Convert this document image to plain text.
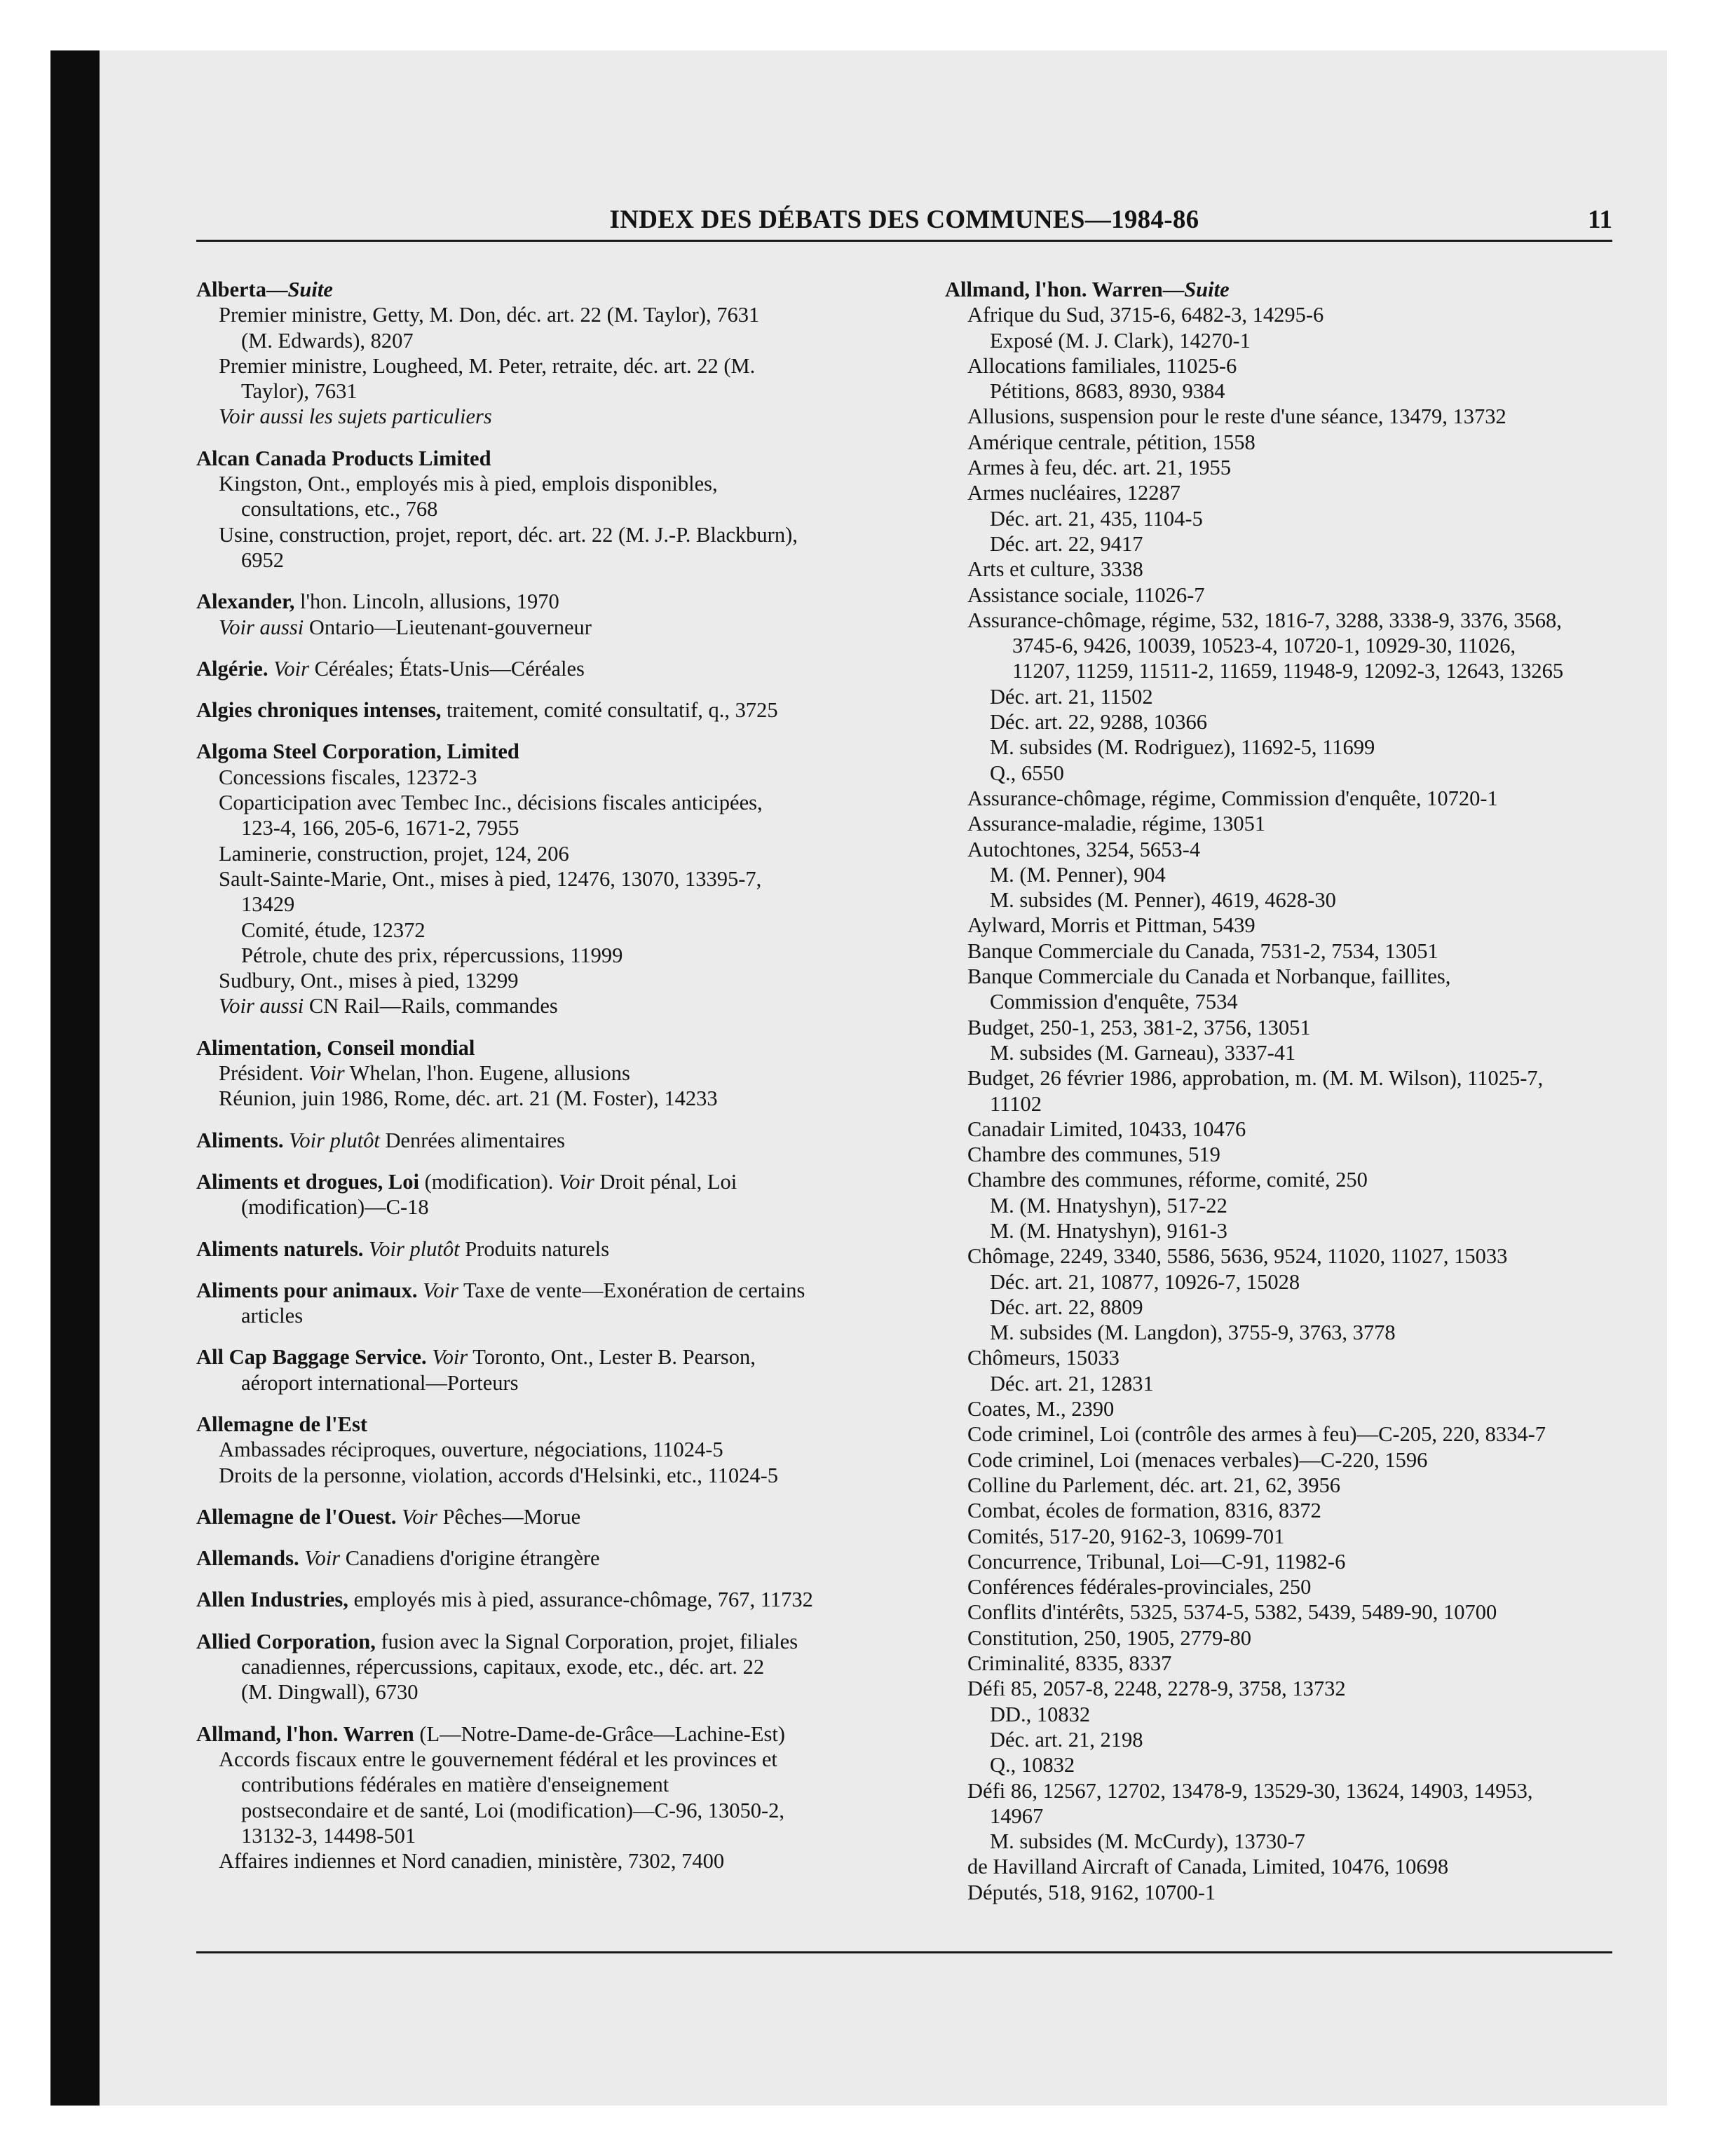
INDEX DES DÉBATS DES COMMUNES—1984-86	11
Alberta—Suite
Premier ministre, Getty, M. Don, déc. art. 22 (M. Taylor), 7631
(M. Edwards), 8207
Premier ministre, Lougheed, M. Peter, retraite, déc. art. 22 (M.
Taylor), 7631
Voir aussi les sujets particuliers
Alcan Canada Products Limited
Kingston, Ont., employés mis à pied, emplois disponibles,
consultations, etc., 768
Usine, construction, projet, report, déc. art. 22 (M. J.-P. Blackburn),
6952
Alexander, l'hon. Lincoln, allusions, 1970
Voir aussi Ontario—Lieutenant-gouverneur
Algérie. Voir Céréales; États-Unis—Céréales
Algies chroniques intenses, traitement, comité consultatif, q., 3725
Algoma Steel Corporation, Limited
Concessions fiscales, 12372-3
Coparticipation avec Tembec Inc., décisions fiscales anticipées,
123-4, 166, 205-6, 1671-2, 7955
Laminerie, construction, projet, 124, 206
Sault-Sainte-Marie, Ont., mises à pied, 12476, 13070, 13395-7,
13429
Comité, étude, 12372
Pétrole, chute des prix, répercussions, 11999
Sudbury, Ont., mises à pied, 13299
Voir aussi CN Rail—Rails, commandes
Alimentation, Conseil mondial
Président. Voir Whelan, l'hon. Eugene, allusions
Réunion, juin 1986, Rome, déc. art. 21 (M. Foster), 14233
Aliments. Voir plutôt Denrées alimentaires
Aliments et drogues, Loi (modification). Voir Droit pénal, Loi
(modification)—C-18
Aliments naturels. Voir plutôt Produits naturels
Aliments pour animaux. Voir Taxe de vente—Exonération de certains
articles
All Cap Baggage Service. Voir Toronto, Ont., Lester B. Pearson,
aéroport international—Porteurs
Allemagne de l'Est
Ambassades réciproques, ouverture, négociations, 11024-5
Droits de la personne, violation, accords d'Helsinki, etc., 11024-5
Allemagne de l'Ouest. Voir Pêches—Morue
Allemands. Voir Canadiens d'origine étrangère
Allen Industries, employés mis à pied, assurance-chômage, 767, 11732
Allied Corporation, fusion avec la Signal Corporation, projet, filiales
canadiennes, répercussions, capitaux, exode, etc., déc. art. 22
(M. Dingwall), 6730
Allmand, l'hon. Warren (L—Notre-Dame-de-Grâce—Lachine-Est)
Accords fiscaux entre le gouvernement fédéral et les provinces et
contributions fédérales en matière d'enseignement
postsecondaire et de santé, Loi (modification)—C-96, 13050-2,
13132-3, 14498-501
Affaires indiennes et Nord canadien, ministère, 7302, 7400
Allmand, l'hon. Warren—Suite
Afrique du Sud, 3715-6, 6482-3, 14295-6
Exposé (M. J. Clark), 14270-1
Allocations familiales, 11025-6
Pétitions, 8683, 8930, 9384
Allusions, suspension pour le reste d'une séance, 13479, 13732
Amérique centrale, pétition, 1558
Armes à feu, déc. art. 21, 1955
Armes nucléaires, 12287
Déc. art. 21, 435, 1104-5
Déc. art. 22, 9417
Arts et culture, 3338
Assistance sociale, 11026-7
Assurance-chômage, régime, 532, 1816-7, 3288, 3338-9, 3376, 3568,
3745-6, 9426, 10039, 10523-4, 10720-1, 10929-30, 11026,
11207, 11259, 11511-2, 11659, 11948-9, 12092-3, 12643, 13265
Déc. art. 21, 11502
Déc. art. 22, 9288, 10366
M. subsides (M. Rodriguez), 11692-5, 11699
Q., 6550
Assurance-chômage, régime, Commission d'enquête, 10720-1
Assurance-maladie, régime, 13051
Autochtones, 3254, 5653-4
M. (M. Penner), 904
M. subsides (M. Penner), 4619, 4628-30
Aylward, Morris et Pittman, 5439
Banque Commerciale du Canada, 7531-2, 7534, 13051
Banque Commerciale du Canada et Norbanque, faillites,
Commission d'enquête, 7534
Budget, 250-1, 253, 381-2, 3756, 13051
M. subsides (M. Garneau), 3337-41
Budget, 26 février 1986, approbation, m. (M. M. Wilson), 11025-7,
11102
Canadair Limited, 10433, 10476
Chambre des communes, 519
Chambre des communes, réforme, comité, 250
M. (M. Hnatyshyn), 517-22
M. (M. Hnatyshyn), 9161-3
Chômage, 2249, 3340, 5586, 5636, 9524, 11020, 11027, 15033
Déc. art. 21, 10877, 10926-7, 15028
Déc. art. 22, 8809
M. subsides (M. Langdon), 3755-9, 3763, 3778
Chômeurs, 15033
Déc. art. 21, 12831
Coates, M., 2390
Code criminel, Loi (contrôle des armes à feu)—C-205, 220, 8334-7
Code criminel, Loi (menaces verbales)—C-220, 1596
Colline du Parlement, déc. art. 21, 62, 3956
Combat, écoles de formation, 8316, 8372
Comités, 517-20, 9162-3, 10699-701
Concurrence, Tribunal, Loi—C-91, 11982-6
Conférences fédérales-provinciales, 250
Conflits d'intérêts, 5325, 5374-5, 5382, 5439, 5489-90, 10700
Constitution, 250, 1905, 2779-80
Criminalité, 8335, 8337
Défi 85, 2057-8, 2248, 2278-9, 3758, 13732
DD., 10832
Déc. art. 21, 2198
Q., 10832
Défi 86, 12567, 12702, 13478-9, 13529-30, 13624, 14903, 14953,
14967
M. subsides (M. McCurdy), 13730-7
de Havilland Aircraft of Canada, Limited, 10476, 10698
Députés, 518, 9162, 10700-1
